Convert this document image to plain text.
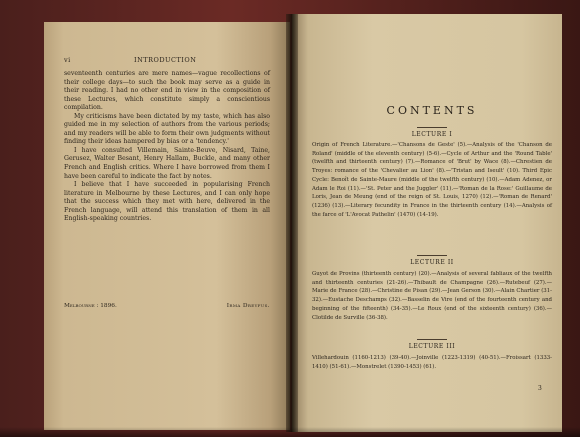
vi	INTRODUCTION

seventeenth centuries are mere names—vague recollections of their college days—to such the book may serve as a guide in their reading. I had no other end in view in the composition of these Lectures, which constitute simply a conscientious compilation.

My criticisms have been dictated by my taste, which has also guided me in my selection of authors from the various periods; and my readers will be able to form their own judgments without finding their ideas hampered by bias or a 'tendency.'

I have consulted Villemain, Sainte-Beuve, Nisard, Taine, Gerusez, Walter Besant, Henry Hallam, Buckle, and many other French and English critics. Where I have borrowed from them I have been careful to indicate the fact by notes.

I believe that I have succeeded in popularising French literature in Melbourne by these Lectures, and I can only hope that the success which they met with here, delivered in the French language, will attend this translation of them in all English-speaking countries.

Melbourne : 1896.	Irma Dreyfus.
CONTENTS
LECTURE I

Origin of French Literature.—'Chansons de Geste' (5).—Analysis of the 'Chanson de Roland' (middle of the eleventh century) (5-6).—Cycle of Arthur and the 'Round Table' (twelfth and thirteenth century) (7).—Romance of 'Brut' by Wace (8).—Chrestien de Troyes: romance of the 'Chevalier au Lion' (8).—'Tristan and Iseult' (10). Third Epic Cycle: Benoît de Sainte-Maure (middle of the twelfth century) (10).—Adam Adenez, or Adam le Roi (11).—'St. Peter and the Juggler' (11).—'Roman de la Rose:' Guillaume de Loris, Jean de Meung (end of the reign of St. Louis, 1270) (12).—'Roman de Renard' (1236) (13).—Literary fecundity in France in the thirteenth century (14).—Analysis of the farce of 'L'Avocat Pathelin' (1470) (14-19).

LECTURE II

Guyot de Provins (thirteenth century) (20).—Analysis of several fabliaux of the twelfth and thirteenth centuries (21-26).—Thibault de Champagne (26).—Rutebeuf (27).—Marie de France (28).—Christine de Pisan (29).—Jean Gerson (30).—Alain Chartier (31-32).—Eustache Deschamps (32).—Basselin de Vire (end of the fourteenth century and beginning of the fifteenth) (34-35).—Le Roux (end of the sixteenth century) (36).—Clotilde de Surville (36-38).

LECTURE III

Villehardouin (1160-1213) (39-40).—Joinville (1223-1319) (40-51).—Froissart (1333-1410) (51-61).—Monstrelet (1390-1453) (61).

3
